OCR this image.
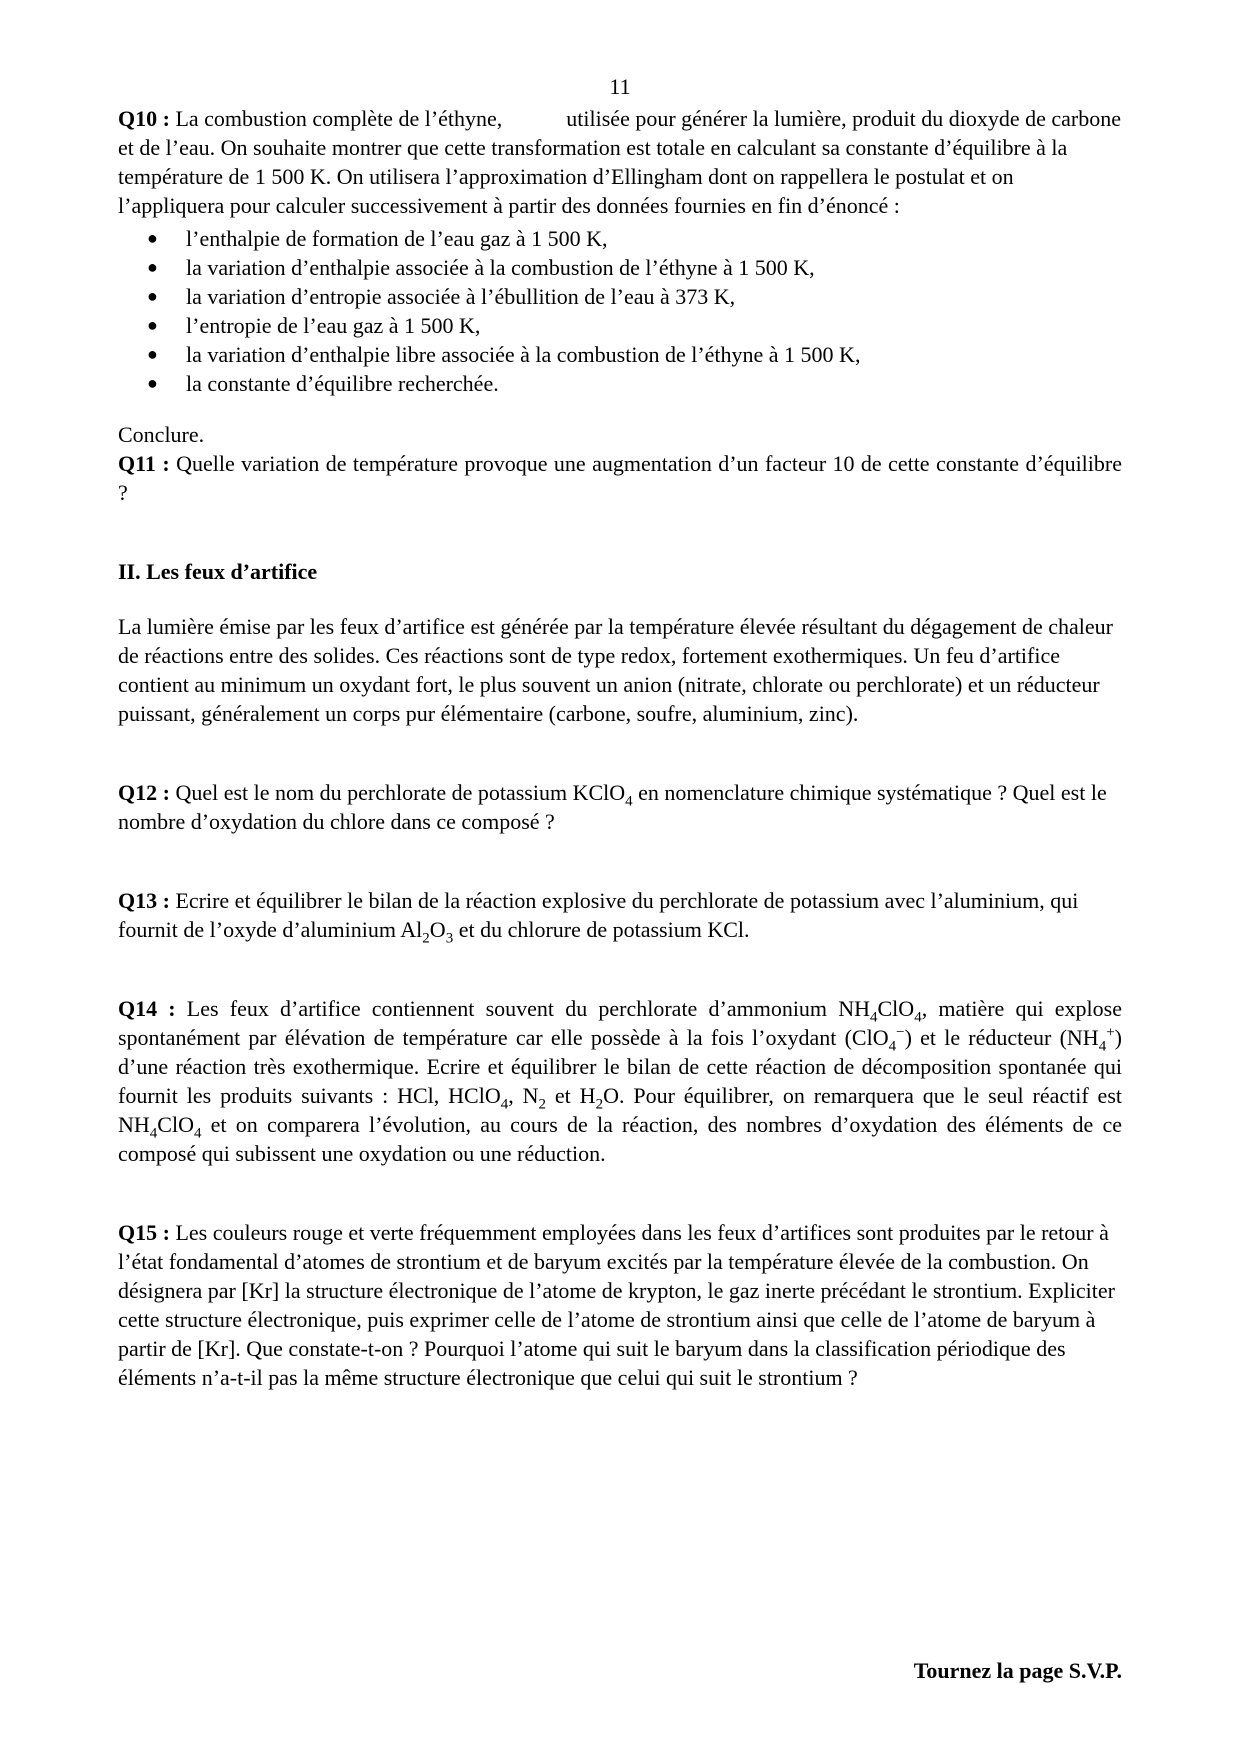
11

Q10 : La combustion complète de l’éthyne,	utilisée pour générer la lumière, produit du dioxyde de carbone et de l’eau. On souhaite montrer que cette transformation est totale en calculant sa constante d’équilibre à la température de 1 500 K. On utilisera l’approximation d’Ellingham dont on rappellera le postulat et on l’appliquera pour calculer successivement à partir des données fournies en fin d’énoncé :

● l’enthalpie de formation de l’eau gaz à 1 500 K,
● la variation d’enthalpie associée à la combustion de l’éthyne à 1 500 K,
● la variation d’entropie associée à l’ébullition de l’eau à 373 K,
● l’entropie de l’eau gaz à 1 500 K,
● la variation d’enthalpie libre associée à la combustion de l’éthyne à 1 500 K,
● la constante d’équilibre recherchée.

Conclure.

Q11 : Quelle variation de température provoque une augmentation d’un facteur 10 de cette constante d’équilibre ?

II. Les feux d’artifice

La lumière émise par les feux d’artifice est générée par la température élevée résultant du dégagement de chaleur de réactions entre des solides. Ces réactions sont de type redox, fortement exothermiques. Un feu d’artifice contient au minimum un oxydant fort, le plus souvent un anion (nitrate, chlorate ou perchlorate) et un réducteur puissant, généralement un corps pur élémentaire (carbone, soufre, aluminium, zinc).

Q12 : Quel est le nom du perchlorate de potassium KClO$_4$ en nomenclature chimique systématique ? Quel est le nombre d’oxydation du chlore dans ce composé ?

Q13 : Ecrire et équilibrer le bilan de la réaction explosive du perchlorate de potassium avec l’aluminium, qui fournit de l’oxyde d’aluminium $Al_2O_3$ et du chlorure de potassium KCl.

Q14 : Les feux d’artifice contiennent souvent du perchlorate d’ammonium $NH_4ClO_4$, matière qui explose spontanément par élévation de température car elle possède à la fois l’oxydant (ClO$_4$−) et le réducteur $(NH_4^+)$ d’une réaction très exothermique. Ecrire et équilibrer le bilan de cette réaction de décomposition spontanée qui fournit les produits suivants : HCl, HClO$_4$, $N_2$ et $H_2O$. Pour équilibrer, on remarquera que le seul réactif est $NH_4ClO_4$ et on comparera l’évolution, au cours de la réaction, des nombres d’oxydation des éléments de ce composé qui subissent une oxydation ou une réduction.

Q15 : Les couleurs rouge et verte fréquemment employées dans les feux d’artifices sont produites par le retour à l’état fondamental d’atomes de strontium et de baryum excités par la température élevée de la combustion. On désignera par [Kr] la structure électronique de l’atome de krypton, le gaz inerte précédant le strontium. Expliciter cette structure électronique, puis exprimer celle de l’atome de strontium ainsi que celle de l’atome de baryum à partir de [Kr]. Que constate-t-on ? Pourquoi l’atome qui suit le baryum dans la classification périodique des éléments n’a-t-il pas la même structure électronique que celui qui suit le strontium ?

Tournez la page S.V.P.
